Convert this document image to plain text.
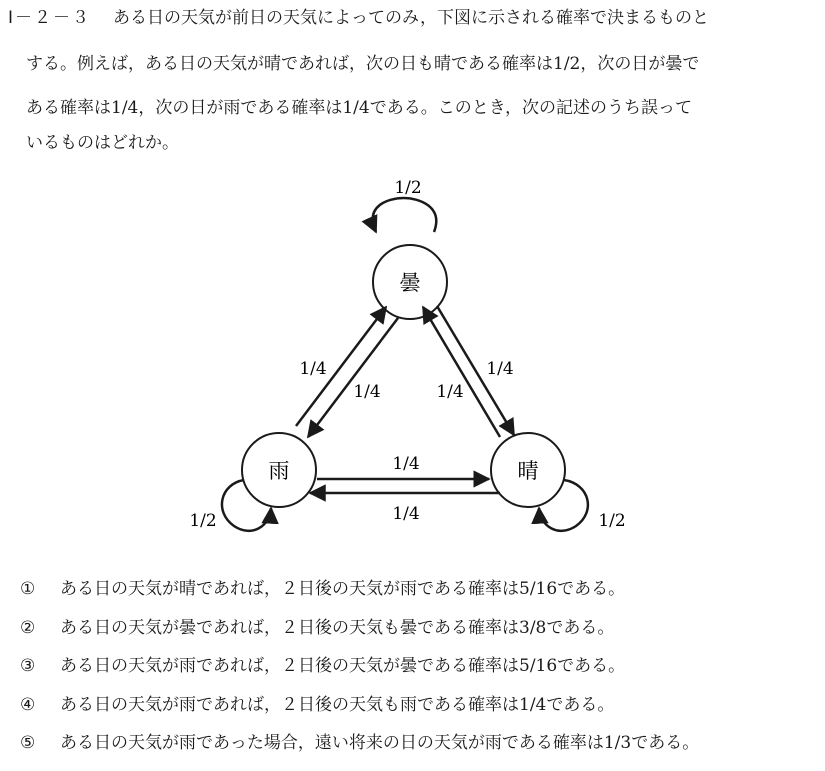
Ⅰ－２－３ ある日の天気が前日の天気によってのみ，下図に示される確率で決まるものと
する。例えば，ある日の天気が晴であれば，次の日も晴である確率は1/2，次の日が曇で
ある確率は1/4，次の日が雨である確率は1/4である。このとき，次の記述のうち誤って
いるものはどれか。
曇
雨	晴
1/2
1/4
1/4	1/4
1/4
1/4
1/4
1/2	1/2
① ある日の天気が晴であれば，２日後の天気が雨である確率は5/16である。
② ある日の天気が曇であれば，２日後の天気も曇である確率は3/8である。
③ ある日の天気が雨であれば，２日後の天気が曇である確率は5/16である。
④ ある日の天気が雨であれば，２日後の天気も雨である確率は1/4である。
⑤ ある日の天気が雨であった場合，遠い将来の日の天気が雨である確率は1/3である。
